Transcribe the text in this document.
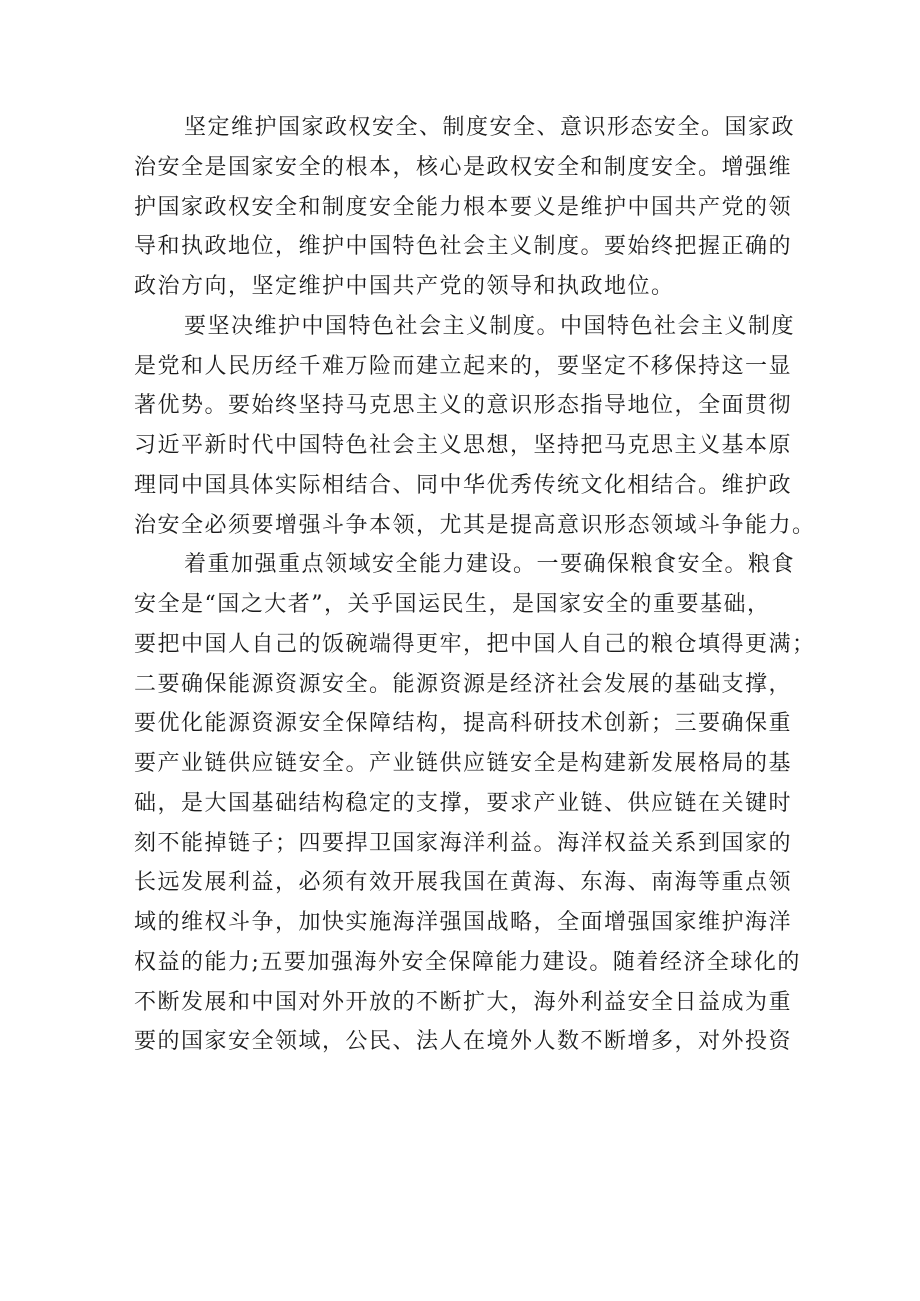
坚定维护国家政权安全、制度安全、意识形态安全。国家政
治安全是国家安全的根本，核心是政权安全和制度安全。增强维
护国家政权安全和制度安全能力根本要义是维护中国共产党的领
导和执政地位，维护中国特色社会主义制度。要始终把握正确的
政治方向，坚定维护中国共产党的领导和执政地位。
要坚决维护中国特色社会主义制度。中国特色社会主义制度
是党和人民历经千难万险而建立起来的，要坚定不移保持这一显
著优势。要始终坚持马克思主义的意识形态指导地位，全面贯彻
习近平新时代中国特色社会主义思想，坚持把马克思主义基本原
理同中国具体实际相结合、同中华优秀传统文化相结合。维护政
治安全必须要增强斗争本领，尤其是提高意识形态领域斗争能力。
着重加强重点领域安全能力建设。一要确保粮食安全。粮食
安全是“国之大者”，关乎国运民生，是国家安全的重要基础，
要把中国人自己的饭碗端得更牢，把中国人自己的粮仓填得更满；
二要确保能源资源安全。能源资源是经济社会发展的基础支撑，
要优化能源资源安全保障结构，提高科研技术创新；三要确保重
要产业链供应链安全。产业链供应链安全是构建新发展格局的基
础，是大国基础结构稳定的支撑，要求产业链、供应链在关键时
刻不能掉链子；四要捍卫国家海洋利益。海洋权益关系到国家的
长远发展利益，必须有效开展我国在黄海、东海、南海等重点领
域的维权斗争，加快实施海洋强国战略，全面增强国家维护海洋
权益的能力;五要加强海外安全保障能力建设。随着经济全球化的
不断发展和中国对外开放的不断扩大，海外利益安全日益成为重
要的国家安全领域，公民、法人在境外人数不断增多，对外投资
